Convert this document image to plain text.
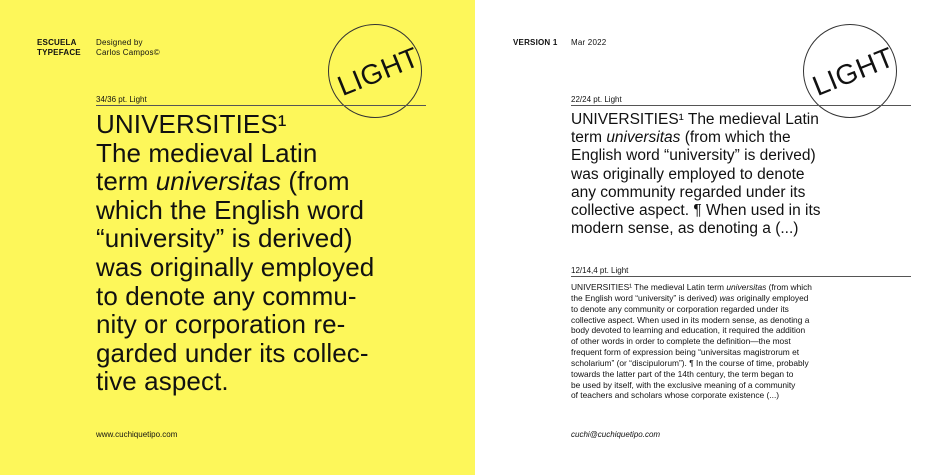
ESCUELA
TYPEFACE
Designed by
Carlos Campos©	LIGHT
34/36 pt. Light
UNIVERSITIES¹
The medieval Latin
term universitas (from
which the English word
“university” is derived)
was originally employed
to denote any commu-
nity or corporation re-
garded under its collec-
tive aspect.
www.cuchiquetipo.com
VERSION 1 Mar 2022	LIGHT
22/24 pt. Light
UNIVERSITIES¹ The medieval Latin
term universitas (from which the
English word “university” is derived)
was originally employed to denote
any community regarded under its
collective aspect. ¶ When used in its
modern sense, as denoting a (...)
12/14,4 pt. Light
UNIVERSITIES¹ The medieval Latin term universitas (from which
the English word “university” is derived) was originally employed
to denote any community or corporation regarded under its
collective aspect. When used in its modern sense, as denoting a
body devoted to learning and education, it required the addition
of other words in order to complete the definition—the most
frequent form of expression being “universitas magistrorum et
scholarium” (or “discipulorum”). ¶ In the course of time, probably
towards the latter part of the 14th century, the term began to
be used by itself, with the exclusive meaning of a community
of teachers and scholars whose corporate existence (...)
cuchi@cuchiquetipo.com
